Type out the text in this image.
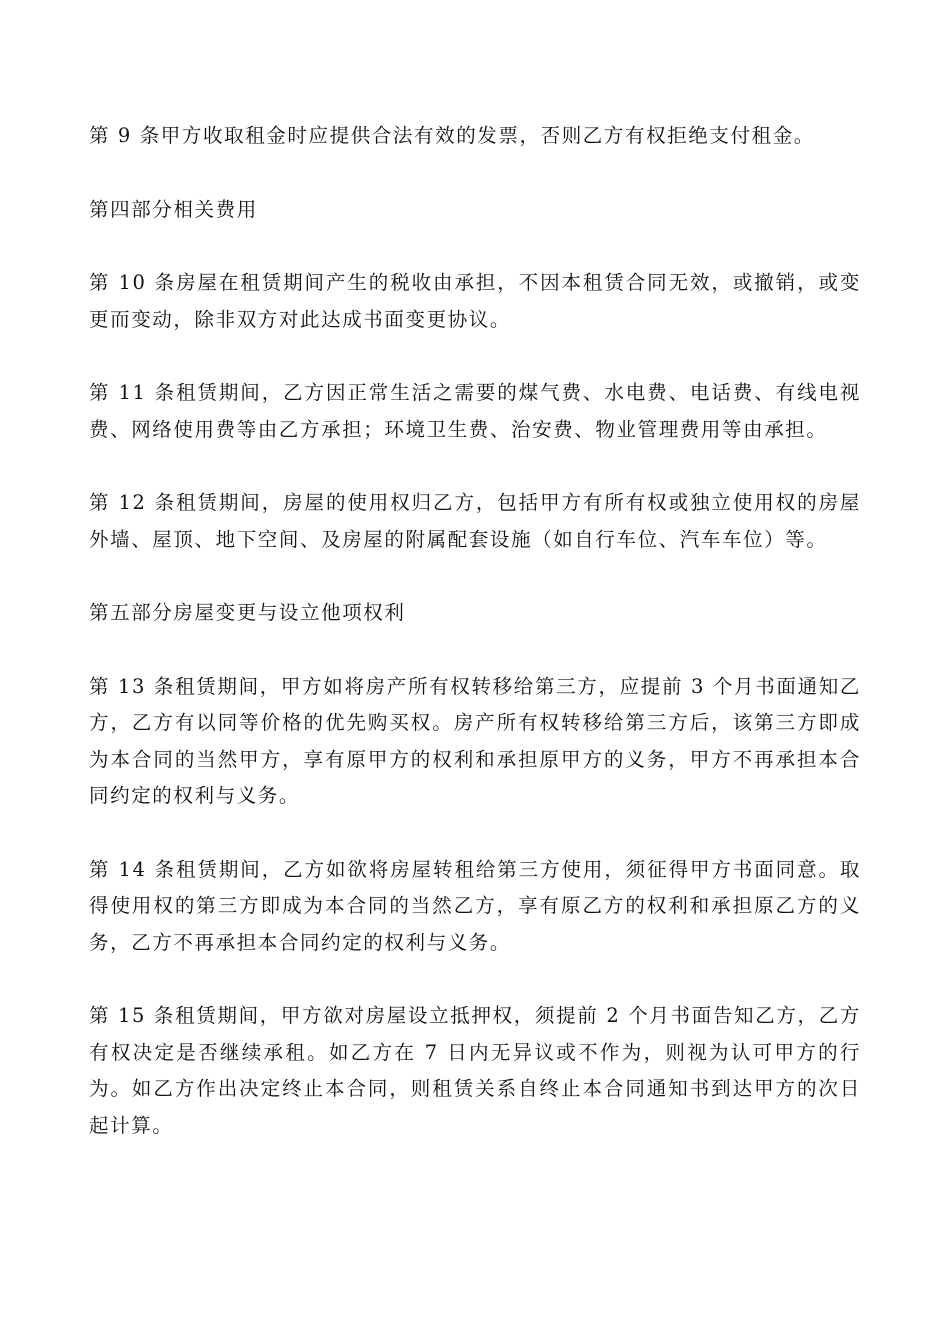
第 9 条甲方收取租金时应提供合法有效的发票，否则乙方有权拒绝支付租金。

第四部分相关费用

第 10 条房屋在租赁期间产生的税收由承担，不因本租赁合同无效，或撤销，或变更而变动，除非双方对此达成书面变更协议。

第 11 条租赁期间，乙方因正常生活之需要的煤气费、水电费、电话费、有线电视费、网络使用费等由乙方承担；环境卫生费、治安费、物业管理费用等由承担。

第 12 条租赁期间，房屋的使用权归乙方，包括甲方有所有权或独立使用权的房屋外墙、屋顶、地下空间、及房屋的附属配套设施（如自行车位、汽车车位）等。

第五部分房屋变更与设立他项权利

第 13 条租赁期间，甲方如将房产所有权转移给第三方，应提前 3 个月书面通知乙方，乙方有以同等价格的优先购买权。房产所有权转移给第三方后，该第三方即成为本合同的当然甲方，享有原甲方的权利和承担原甲方的义务，甲方不再承担本合同约定的权利与义务。

第 14 条租赁期间，乙方如欲将房屋转租给第三方使用，须征得甲方书面同意。取得使用权的第三方即成为本合同的当然乙方，享有原乙方的权利和承担原乙方的义务，乙方不再承担本合同约定的权利与义务。

第 15 条租赁期间，甲方欲对房屋设立抵押权，须提前 2 个月书面告知乙方，乙方有权决定是否继续承租。如乙方在 7 日内无异议或不作为，则视为认可甲方的行为。如乙方作出决定终止本合同，则租赁关系自终止本合同通知书到达甲方的次日起计算。
